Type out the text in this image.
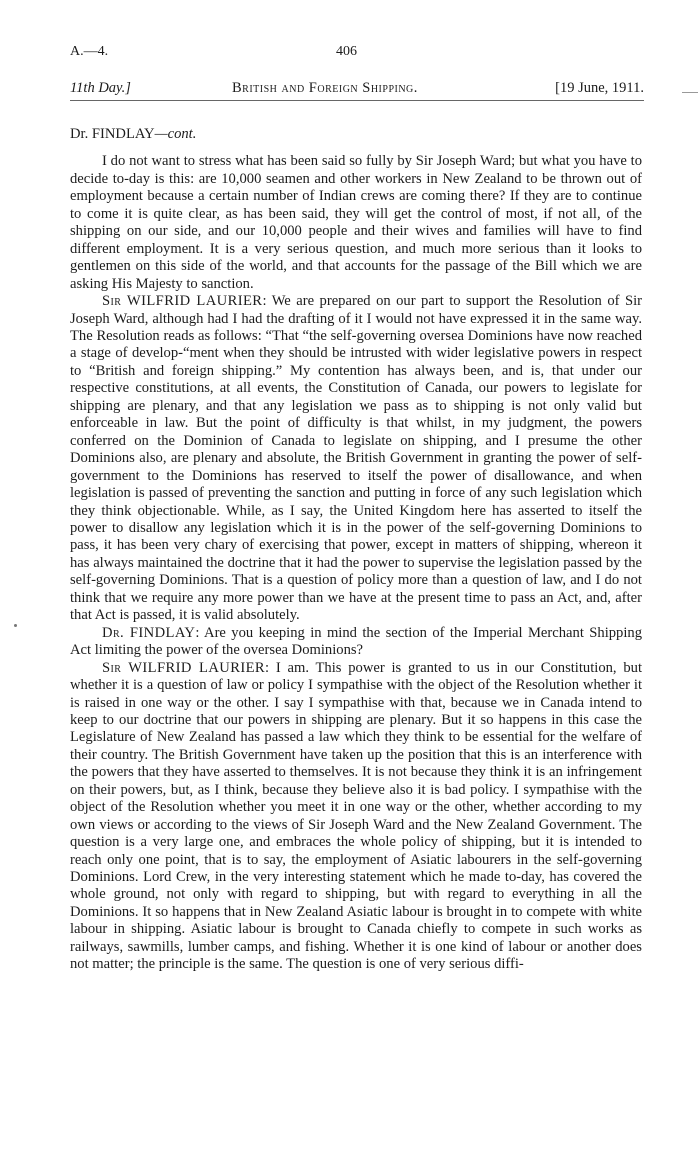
A.—4.	406
11th Day.]	British and Foreign Shipping.	[19 June, 1911.

Dr. FINDLAY—cont.

I do not want to stress what has been said so fully by Sir Joseph Ward; but what you have to decide to-day is this: are 10,000 seamen and other workers in New Zealand to be thrown out of employment because a certain number of Indian crews are coming there? If they are to continue to come it is quite clear, as has been said, they will get the control of most, if not all, of the shipping on our side, and our 10,000 people and their wives and families will have to find different employment. It is a very serious question, and much more serious than it looks to gentlemen on this side of the world, and that accounts for the passage of the Bill which we are asking His Majesty to sanction.

Sir WILFRID LAURIER: We are prepared on our part to support the Resolution of Sir Joseph Ward, although had I had the drafting of it I would not have expressed it in the same way. The Resolution reads as follows: “That “the self-governing oversea Dominions have now reached a stage of develop-“ment when they should be intrusted with wider legislative powers in respect to “British and foreign shipping.” My contention has always been, and is, that under our respective constitutions, at all events, the Constitution of Canada, our powers to legislate for shipping are plenary, and that any legislation we pass as to shipping is not only valid but enforceable in law. But the point of difficulty is that whilst, in my judgment, the powers conferred on the Dominion of Canada to legislate on shipping, and I presume the other Dominions also, are plenary and absolute, the British Government in granting the power of self-government to the Dominions has reserved to itself the power of disallowance, and when legislation is passed of preventing the sanction and putting in force of any such legislation which they think objectionable. While, as I say, the United Kingdom here has asserted to itself the power to disallow any legislation which it is in the power of the self-governing Dominions to pass, it has been very chary of exercising that power, except in matters of shipping, whereon it has always maintained the doctrine that it had the power to supervise the legislation passed by the self-governing Dominions. That is a question of policy more than a question of law, and I do not think that we require any more power than we have at the present time to pass an Act, and, after that Act is passed, it is valid absolutely.

Dr. FINDLAY: Are you keeping in mind the section of the Imperial Merchant Shipping Act limiting the power of the oversea Dominions?

Sir WILFRID LAURIER: I am. This power is granted to us in our Constitution, but whether it is a question of law or policy I sympathise with the object of the Resolution whether it is raised in one way or the other. I say I sympathise with that, because we in Canada intend to keep to our doctrine that our powers in shipping are plenary. But it so happens in this case the Legislature of New Zealand has passed a law which they think to be essential for the welfare of their country. The British Government have taken up the position that this is an interference with the powers that they have asserted to themselves. It is not because they think it is an infringement on their powers, but, as I think, because they believe also it is bad policy. I sympathise with the object of the Resolution whether you meet it in one way or the other, whether according to my own views or according to the views of Sir Joseph Ward and the New Zealand Government. The question is a very large one, and embraces the whole policy of shipping, but it is intended to reach only one point, that is to say, the employment of Asiatic labourers in the self-governing Dominions. Lord Crew, in the very interesting statement which he made to-day, has covered the whole ground, not only with regard to shipping, but with regard to everything in all the Dominions. It so happens that in New Zealand Asiatic labour is brought in to compete with white labour in shipping. Asiatic labour is brought to Canada chiefly to compete in such works as railways, sawmills, lumber camps, and fishing. Whether it is one kind of labour or another does not matter; the principle is the same. The question is one of very serious diffi-
